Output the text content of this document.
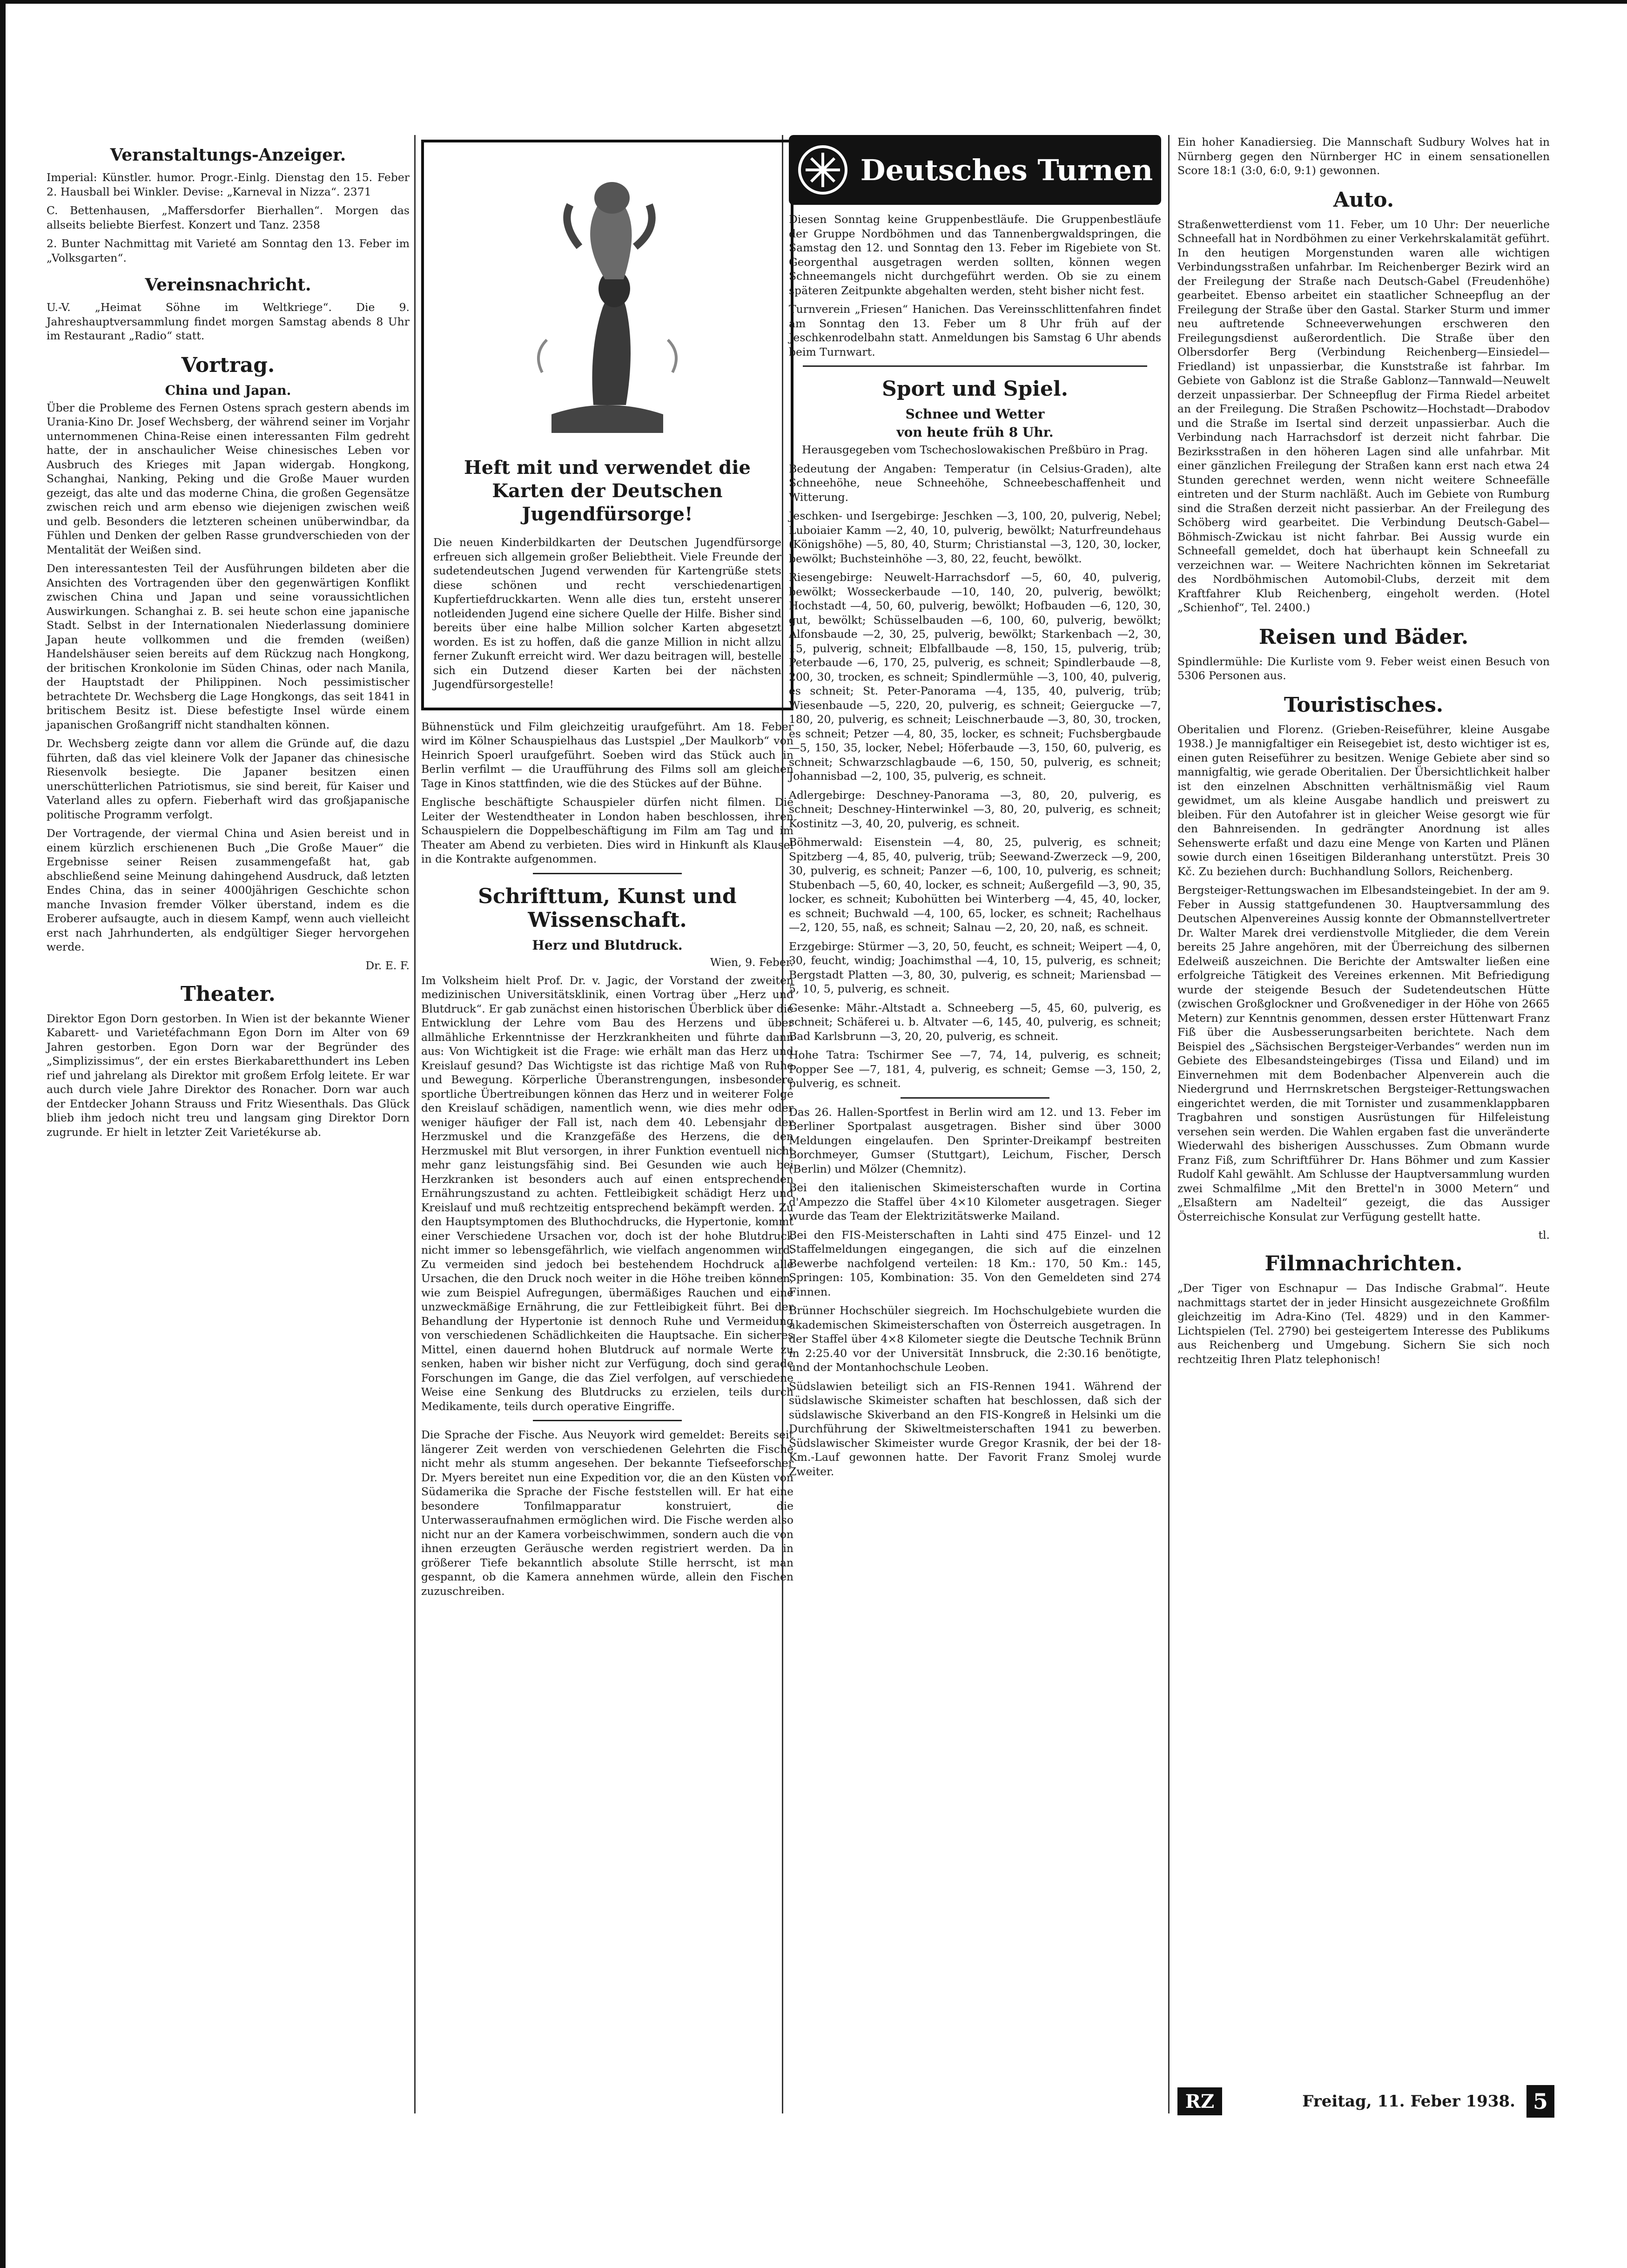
Veranstaltungs-Anzeiger.

Imperial: Künstler. humor. Progr.-Einlg. Dienstag den 15. Feber 2. Hausball bei Winkler. Devise: „Karneval in Nizza“. 2371

C. Bettenhausen, „Maffersdorfer Bierhallen“. Morgen das allseits beliebte Bierfest. Konzert und Tanz. 2358

2. Bunter Nachmittag mit Varieté am Sonntag den 13. Feber im „Volksgarten“.

Vereinsnachricht.

U.-V. „Heimat Söhne im Weltkriege“. Die 9. Jahreshauptversammlung findet morgen Samstag abends 8 Uhr im Restaurant „Radio“ statt.

Vortrag.
China und Japan.

Über die Probleme des Fernen Ostens sprach gestern abends im Urania-Kino Dr. Josef Wechsberg, der während seiner im Vorjahr unternommenen China-Reise einen interessanten Film gedreht hatte, der in anschaulicher Weise chinesisches Leben vor Ausbruch des Krieges mit Japan widergab. Hongkong, Schanghai, Nanking, Peking und die Große Mauer wurden gezeigt, das alte und das moderne China, die großen Gegensätze zwischen reich und arm ebenso wie diejenigen zwischen weiß und gelb. Besonders die letzteren scheinen unüberwindbar, da Fühlen und Denken der gelben Rasse grundverschieden von der Mentalität der Weißen sind.

Den interessantesten Teil der Ausführungen bildeten aber die Ansichten des Vortragenden über den gegenwärtigen Konflikt zwischen China und Japan und seine voraussichtlichen Auswirkungen. Schanghai z. B. sei heute schon eine japanische Stadt. Selbst in der Internationalen Niederlassung dominiere Japan heute vollkommen und die fremden (weißen) Handelshäuser seien bereits auf dem Rückzug nach Hongkong, der britischen Kronkolonie im Süden Chinas, oder nach Manila, der Hauptstadt der Philippinen. Noch pessimistischer betrachtete Dr. Wechsberg die Lage Hongkongs, das seit 1841 in britischem Besitz ist. Diese befestigte Insel würde einem japanischen Großangriff nicht standhalten können.

Dr. Wechsberg zeigte dann vor allem die Gründe auf, die dazu führten, daß das viel kleinere Volk der Japaner das chinesische Riesenvolk besiegte. Die Japaner besitzen einen unerschütterlichen Patriotismus, sie sind bereit, für Kaiser und Vaterland alles zu opfern. Fieberhaft wird das großjapanische politische Programm verfolgt.

Der Vortragende, der viermal China und Asien bereist und in einem kürzlich erschienenen Buch „Die Große Mauer“ die Ergebnisse seiner Reisen zusammengefaßt hat, gab abschließend seine Meinung dahingehend Ausdruck, daß letzten Endes China, das in seiner 4000jährigen Geschichte schon manche Invasion fremder Völker überstand, indem es die Eroberer aufsaugte, auch in diesem Kampf, wenn auch vielleicht erst nach Jahrhunderten, als endgültiger Sieger hervorgehen werde.

Dr. E. F.
Theater.

Direktor Egon Dorn gestorben. In Wien ist der bekannte Wiener Kabarett- und Varietéfachmann Egon Dorn im Alter von 69 Jahren gestorben. Egon Dorn war der Begründer des „Simplizissimus“, der ein erstes Bierkabaretthundert ins Leben rief und jahrelang als Direktor mit großem Erfolg leitete. Er war auch durch viele Jahre Direktor des Ronacher. Dorn war auch der Entdecker Johann Strauss und Fritz Wiesenthals. Das Glück blieb ihm jedoch nicht treu und langsam ging Direktor Dorn zugrunde. Er hielt in letzter Zeit Varietékurse ab.

Heft mit und verwendet die Karten der Deutschen Jugendfürsorge!

Die neuen Kinderbildkarten der Deutschen Jugendfürsorge erfreuen sich allgemein großer Beliebtheit. Viele Freunde der sudetendeutschen Jugend verwenden für Kartengrüße stets diese schönen und recht verschiedenartigen Kupfertiefdruckkarten. Wenn alle dies tun, ersteht unserer notleidenden Jugend eine sichere Quelle der Hilfe. Bisher sind bereits über eine halbe Million solcher Karten abgesetzt worden. Es ist zu hoffen, daß die ganze Million in nicht allzu ferner Zukunft erreicht wird. Wer dazu beitragen will, bestelle sich ein Dutzend dieser Karten bei der nächsten Jugendfürsorgestelle!

Bühnenstück und Film gleichzeitig uraufgeführt. Am 18. Feber wird im Kölner Schauspielhaus das Lustspiel „Der Maulkorb“ von Heinrich Spoerl uraufgeführt. Soeben wird das Stück auch in Berlin verfilmt — die Uraufführung des Films soll am gleichen Tage in Kinos stattfinden, wie die des Stückes auf der Bühne.

Englische beschäftigte Schauspieler dürfen nicht filmen. Die Leiter der Westendtheater in London haben beschlossen, ihren Schauspielern die Doppelbeschäftigung im Film am Tag und im Theater am Abend zu verbieten. Dies wird in Hinkunft als Klausel in die Kontrakte aufgenommen.

Schrifttum, Kunst und Wissenschaft.
Herz und Blutdruck.
Wien, 9. Feber.

Im Volksheim hielt Prof. Dr. v. Jagic, der Vorstand der zweiten medizinischen Universitätsklinik, einen Vortrag über „Herz und Blutdruck“. Er gab zunächst einen historischen Überblick über die Entwicklung der Lehre vom Bau des Herzens und über allmähliche Erkenntnisse der Herzkrankheiten und führte dann aus: Von Wichtigkeit ist die Frage: wie erhält man das Herz und Kreislauf gesund? Das Wichtigste ist das richtige Maß von Ruhe und Bewegung. Körperliche Überanstrengungen, insbesondere sportliche Übertreibungen können das Herz und in weiterer Folge den Kreislauf schädigen, namentlich wenn, wie dies mehr oder weniger häufiger der Fall ist, nach dem 40. Lebensjahr der Herzmuskel und die Kranzgefäße des Herzens, die den Herzmuskel mit Blut versorgen, in ihrer Funktion eventuell nicht mehr ganz leistungsfähig sind. Bei Gesunden wie auch bei Herzkranken ist besonders auch auf einen entsprechenden Ernährungszustand zu achten. Fettleibigkeit schädigt Herz und Kreislauf und muß rechtzeitig entsprechend bekämpft werden. Zu den Hauptsymptomen des Bluthochdrucks, die Hypertonie, kommt einer Verschiedene Ursachen vor, doch ist der hohe Blutdruck nicht immer so lebensgefährlich, wie vielfach angenommen wird. Zu vermeiden sind jedoch bei bestehendem Hochdruck alle Ursachen, die den Druck noch weiter in die Höhe treiben können, wie zum Beispiel Aufregungen, übermäßiges Rauchen und eine unzweckmäßige Ernährung, die zur Fettleibigkeit führt. Bei der Behandlung der Hypertonie ist dennoch Ruhe und Vermeidung von verschiedenen Schädlichkeiten die Hauptsache. Ein sicheres Mittel, einen dauernd hohen Blutdruck auf normale Werte zu senken, haben wir bisher nicht zur Verfügung, doch sind gerade Forschungen im Gange, die das Ziel verfolgen, auf verschiedene Weise eine Senkung des Blutdrucks zu erzielen, teils durch Medikamente, teils durch operative Eingriffe.

Die Sprache der Fische. Aus Neuyork wird gemeldet: Bereits seit längerer Zeit werden von verschiedenen Gelehrten die Fische nicht mehr als stumm angesehen. Der bekannte Tiefseeforscher Dr. Myers bereitet nun eine Expedition vor, die an den Küsten von Südamerika die Sprache der Fische feststellen will. Er hat eine besondere Tonfilmapparatur konstruiert, die Unterwasseraufnahmen ermöglichen wird. Die Fische werden also nicht nur an der Kamera vorbeischwimmen, sondern auch die von ihnen erzeugten Geräusche werden registriert werden. Da in größerer Tiefe bekanntlich absolute Stille herrscht, ist man gespannt, ob die Kamera annehmen würde, allein den Fischen zuzuschreiben.

Deutsches Turnen

Diesen Sonntag keine Gruppenbestläufe. Die Gruppenbestläufe der Gruppe Nordböhmen und das Tannenbergwaldspringen, die Samstag den 12. und Sonntag den 13. Feber im Rigebiete von St. Georgenthal ausgetragen werden sollten, können wegen Schneemangels nicht durchgeführt werden. Ob sie zu einem späteren Zeitpunkte abgehalten werden, steht bisher nicht fest.

Turnverein „Friesen“ Hanichen. Das Vereinsschlittenfahren findet am Sonntag den 13. Feber um 8 Uhr früh auf der Jeschkenrodelbahn statt. Anmeldungen bis Samstag 6 Uhr abends beim Turnwart.

Sport und Spiel.
Schnee und Wetter
von heute früh 8 Uhr.

Herausgegeben vom Tschechoslowakischen Preßbüro in Prag.

Bedeutung der Angaben: Temperatur (in Celsius-Graden), alte Schneehöhe, neue Schneehöhe, Schneebeschaffenheit und Witterung.

Jeschken- und Isergebirge: Jeschken —3, 100, 20, pulverig, Nebel; Luboiaier Kamm —2, 40, 10, pulverig, bewölkt; Naturfreundehaus (Königshöhe) —5, 80, 40, Sturm; Christianstal —3, 120, 30, locker, bewölkt; Buchsteinhöhe —3, 80, 22, feucht, bewölkt.

Riesengebirge: Neuwelt-Harrachsdorf —5, 60, 40, pulverig, bewölkt; Wosseckerbaude —10, 140, 20, pulverig, bewölkt; Hochstadt —4, 50, 60, pulverig, bewölkt; Hofbauden —6, 120, 30, gut, bewölkt; Schüsselbauden —6, 100, 60, pulverig, bewölkt; Alfonsbaude —2, 30, 25, pulverig, bewölkt; Starkenbach —2, 30, 15, pulverig, schneit; Elbfallbaude —8, 150, 15, pulverig, trüb; Peterbaude —6, 170, 25, pulverig, es schneit; Spindlerbaude —8, 200, 30, trocken, es schneit; Spindlermühle —3, 100, 40, pulverig, es schneit; St. Peter-Panorama —4, 135, 40, pulverig, trüb; Wiesenbaude —5, 220, 20, pulverig, es schneit; Geiergucke —7, 180, 20, pulverig, es schneit; Leischnerbaude —3, 80, 30, trocken, es schneit; Petzer —4, 80, 35, locker, es schneit; Fuchsbergbaude —5, 150, 35, locker, Nebel; Höferbaude —3, 150, 60, pulverig, es schneit; Schwarzschlagbaude —6, 150, 50, pulverig, es schneit; Johannisbad —2, 100, 35, pulverig, es schneit.

Adlergebirge: Deschney-Panorama —3, 80, 20, pulverig, es schneit; Deschney-Hinterwinkel —3, 80, 20, pulverig, es schneit; Kostinitz —3, 40, 20, pulverig, es schneit.

Böhmerwald: Eisenstein —4, 80, 25, pulverig, es schneit; Spitzberg —4, 85, 40, pulverig, trüb; Seewand-Zwerzeck —9, 200, 30, pulverig, es schneit; Panzer —6, 100, 10, pulverig, es schneit; Stubenbach —5, 60, 40, locker, es schneit; Außergefild —3, 90, 35, locker, es schneit; Kubohütten bei Winterberg —4, 45, 40, locker, es schneit; Buchwald —4, 100, 65, locker, es schneit; Rachelhaus —2, 120, 55, naß, es schneit; Salnau —2, 20, 20, naß, es schneit.

Erzgebirge: Stürmer —3, 20, 50, feucht, es schneit; Weipert —4, 0, 30, feucht, windig; Joachimsthal —4, 10, 15, pulverig, es schneit; Bergstadt Platten —3, 80, 30, pulverig, es schneit; Mariensbad —5, 10, 5, pulverig, es schneit.

Gesenke: Mähr.-Altstadt a. Schneeberg —5, 45, 60, pulverig, es schneit; Schäferei u. b. Altvater —6, 145, 40, pulverig, es schneit; Bad Karlsbrunn —3, 20, 20, pulverig, es schneit.

Hohe Tatra: Tschirmer See —7, 74, 14, pulverig, es schneit; Popper See —7, 181, 4, pulverig, es schneit; Gemse —3, 150, 2, pulverig, es schneit.

Das 26. Hallen-Sportfest in Berlin wird am 12. und 13. Feber im Berliner Sportpalast ausgetragen. Bisher sind über 3000 Meldungen eingelaufen. Den Sprinter-Dreikampf bestreiten Borchmeyer, Gumser (Stuttgart), Leichum, Fischer, Dersch (Berlin) und Mölzer (Chemnitz).

Bei den italienischen Skimeisterschaften wurde in Cortina d'Ampezzo die Staffel über 4×10 Kilometer ausgetragen. Sieger wurde das Team der Elektrizitätswerke Mailand.

Bei den FIS-Meisterschaften in Lahti sind 475 Einzel- und 12 Staffelmeldungen eingegangen, die sich auf die einzelnen Bewerbe nachfolgend verteilen: 18 Km.: 170, 50 Km.: 145, Springen: 105, Kombination: 35. Von den Gemeldeten sind 274 Finnen.

Brünner Hochschüler siegreich. Im Hochschulgebiete wurden die akademischen Skimeisterschaften von Österreich ausgetragen. In der Staffel über 4×8 Kilometer siegte die Deutsche Technik Brünn in 2:25.40 vor der Universität Innsbruck, die 2:30.16 benötigte, und der Montanhochschule Leoben.

Südslawien beteiligt sich an FIS-Rennen 1941. Während der südslawische Skimeister schaften hat beschlossen, daß sich der südslawische Skiverband an den FIS-Kongreß in Helsinki um die Durchführung der Skiweltmeisterschaften 1941 zu bewerben. Südslawischer Skimeister wurde Gregor Krasnik, der bei der 18-Km.-Lauf gewonnen hatte. Der Favorit Franz Smolej wurde Zweiter.

Ein hoher Kanadiersieg. Die Mannschaft Sudbury Wolves hat in Nürnberg gegen den Nürnberger HC in einem sensationellen Score 18:1 (3:0, 6:0, 9:1) gewonnen.

Auto.

Straßenwetterdienst vom 11. Feber, um 10 Uhr: Der neuerliche Schneefall hat in Nordböhmen zu einer Verkehrskalamität geführt. In den heutigen Morgenstunden waren alle wichtigen Verbindungsstraßen unfahrbar. Im Reichenberger Bezirk wird an der Freilegung der Straße nach Deutsch-Gabel (Freudenhöhe) gearbeitet. Ebenso arbeitet ein staatlicher Schneepflug an der Freilegung der Straße über den Gastal. Starker Sturm und immer neu auftretende Schneeverwehungen erschweren den Freilegungsdienst außerordentlich. Die Straße über den Olbersdorfer Berg (Verbindung Reichenberg—Einsiedel—Friedland) ist unpassierbar, die Kunststraße ist fahrbar. Im Gebiete von Gablonz ist die Straße Gablonz—Tannwald—Neuwelt derzeit unpassierbar. Der Schneepflug der Firma Riedel arbeitet an der Freilegung. Die Straßen Pschowitz—Hochstadt—Drabodov und die Straße im Isertal sind derzeit unpassierbar. Auch die Verbindung nach Harrachsdorf ist derzeit nicht fahrbar. Die Bezirksstraßen in den höheren Lagen sind alle unfahrbar. Mit einer gänzlichen Freilegung der Straßen kann erst nach etwa 24 Stunden gerechnet werden, wenn nicht weitere Schneefälle eintreten und der Sturm nachläßt. Auch im Gebiete von Rumburg sind die Straßen derzeit nicht passierbar. An der Freilegung des Schöberg wird gearbeitet. Die Verbindung Deutsch-Gabel—Böhmisch-Zwickau ist nicht fahrbar. Bei Aussig wurde ein Schneefall gemeldet, doch hat überhaupt kein Schneefall zu verzeichnen war. — Weitere Nachrichten können im Sekretariat des Nordböhmischen Automobil-Clubs, derzeit mit dem Kraftfahrer Klub Reichenberg, eingeholt werden. (Hotel „Schienhof“, Tel. 2400.)

Reisen und Bäder.

Spindlermühle: Die Kurliste vom 9. Feber weist einen Besuch von 5306 Personen aus.

Touristisches.

Oberitalien und Florenz. (Grieben-Reiseführer, kleine Ausgabe 1938.) Je mannigfaltiger ein Reisegebiet ist, desto wichtiger ist es, einen guten Reiseführer zu besitzen. Wenige Gebiete aber sind so mannigfaltig, wie gerade Oberitalien. Der Übersichtlichkeit halber ist den einzelnen Abschnitten verhältnismäßig viel Raum gewidmet, um als kleine Ausgabe handlich und preiswert zu bleiben. Für den Autofahrer ist in gleicher Weise gesorgt wie für den Bahnreisenden. In gedrängter Anordnung ist alles Sehenswerte erfaßt und dazu eine Menge von Karten und Plänen sowie durch einen 16seitigen Bilderanhang unterstützt. Preis 30 Kč. Zu beziehen durch: Buchhandlung Sollors, Reichenberg.

Bergsteiger-Rettungswachen im Elbesandsteingebiet. In der am 9. Feber in Aussig stattgefundenen 30. Hauptversammlung des Deutschen Alpenvereines Aussig konnte der Obmannstellvertreter Dr. Walter Marek drei verdienstvolle Mitglieder, die dem Verein bereits 25 Jahre angehören, mit der Überreichung des silbernen Edelweiß auszeichnen. Die Berichte der Amtswalter ließen eine erfolgreiche Tätigkeit des Vereines erkennen. Mit Befriedigung wurde der steigende Besuch der Sudetendeutschen Hütte (zwischen Großglockner und Großvenediger in der Höhe von 2665 Metern) zur Kenntnis genommen, dessen erster Hüttenwart Franz Fiß über die Ausbesserungsarbeiten berichtete. Nach dem Beispiel des „Sächsischen Bergsteiger-Verbandes“ werden nun im Gebiete des Elbesandsteingebirges (Tissa und Eiland) und im Einvernehmen mit dem Bodenbacher Alpenverein auch die Niedergrund und Herrnskretschen Bergsteiger-Rettungswachen eingerichtet werden, die mit Tornister und zusammenklappbaren Tragbahren und sonstigen Ausrüstungen für Hilfeleistung versehen sein werden. Die Wahlen ergaben fast die unveränderte Wiederwahl des bisherigen Ausschusses. Zum Obmann wurde Franz Fiß, zum Schriftführer Dr. Hans Böhmer und zum Kassier Rudolf Kahl gewählt. Am Schlusse der Hauptversammlung wurden zwei Schmalfilme „Mit den Brettel'n in 3000 Metern“ und „Elsaßtern am Nadelteil“ gezeigt, die das Aussiger Österreichische Konsulat zur Verfügung gestellt hatte.

tl.
Filmnachrichten.

„Der Tiger von Eschnapur — Das Indische Grabmal“. Heute nachmittags startet der in jeder Hinsicht ausgezeichnete Großfilm gleichzeitig im Adra-Kino (Tel. 4829) und in den Kammer-Lichtspielen (Tel. 2790) bei gesteigertem Interesse des Publikums aus Reichenberg und Umgebung. Sichern Sie sich noch rechtzeitig Ihren Platz telephonisch!

RZ	Freitag, 11. Feber 1938. 5
